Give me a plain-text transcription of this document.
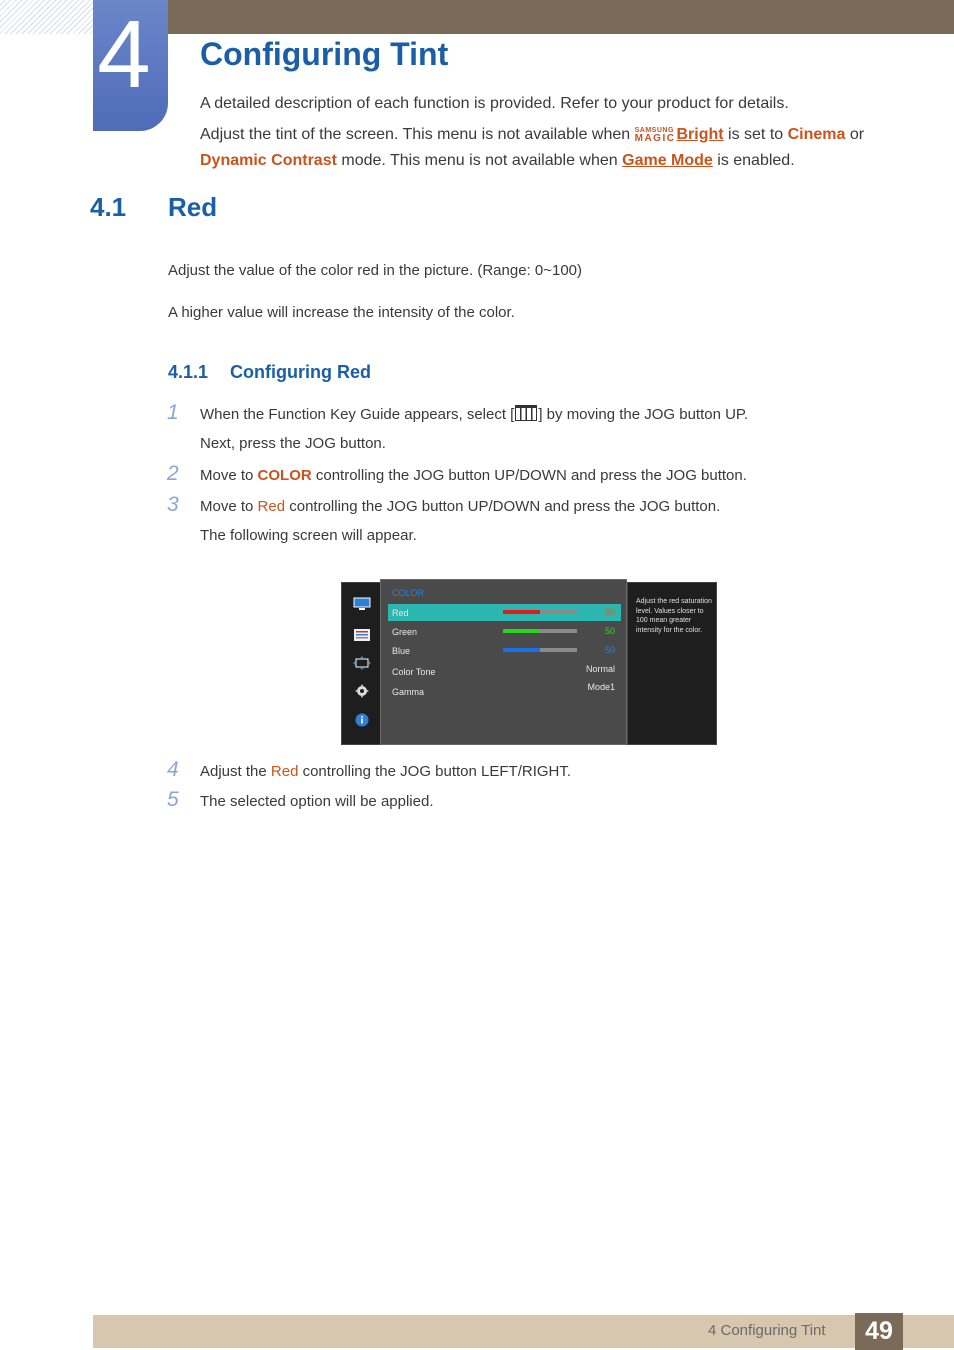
4 Configuring Tint

A detailed description of each function is provided. Refer to your product for details.

Adjust the tint of the screen. This menu is not available when SAMSUNG
MAGIC Bright is set to Cinema or

Dynamic Contrast mode. This menu is not available when Game Mode is enabled.

4.1 Red

Adjust the value of the color red in the picture. (Range: 0~100)

A higher value will increase the intensity of the color.

4.1.1 Configuring Red
1 When the Function Key Guide appears, select [ ] by moving the JOG button UP.

Next, press the JOG button.

2 Move to COLOR controlling the JOG button UP/DOWN and press the JOG button.

3 Move to Red controlling the JOG button UP/DOWN and press the JOG button.

The following screen will appear.

COLOR
Red	50
Green	50
Blue	50
Color Tone	Normal
Gamma	Mode1
Adjust the red saturation level. Values closer to 100 mean greater intensity for the color.
4 Adjust the Red controlling the JOG button LEFT/RIGHT.

5 The selected option will be applied.

4 Configuring Tint	49
